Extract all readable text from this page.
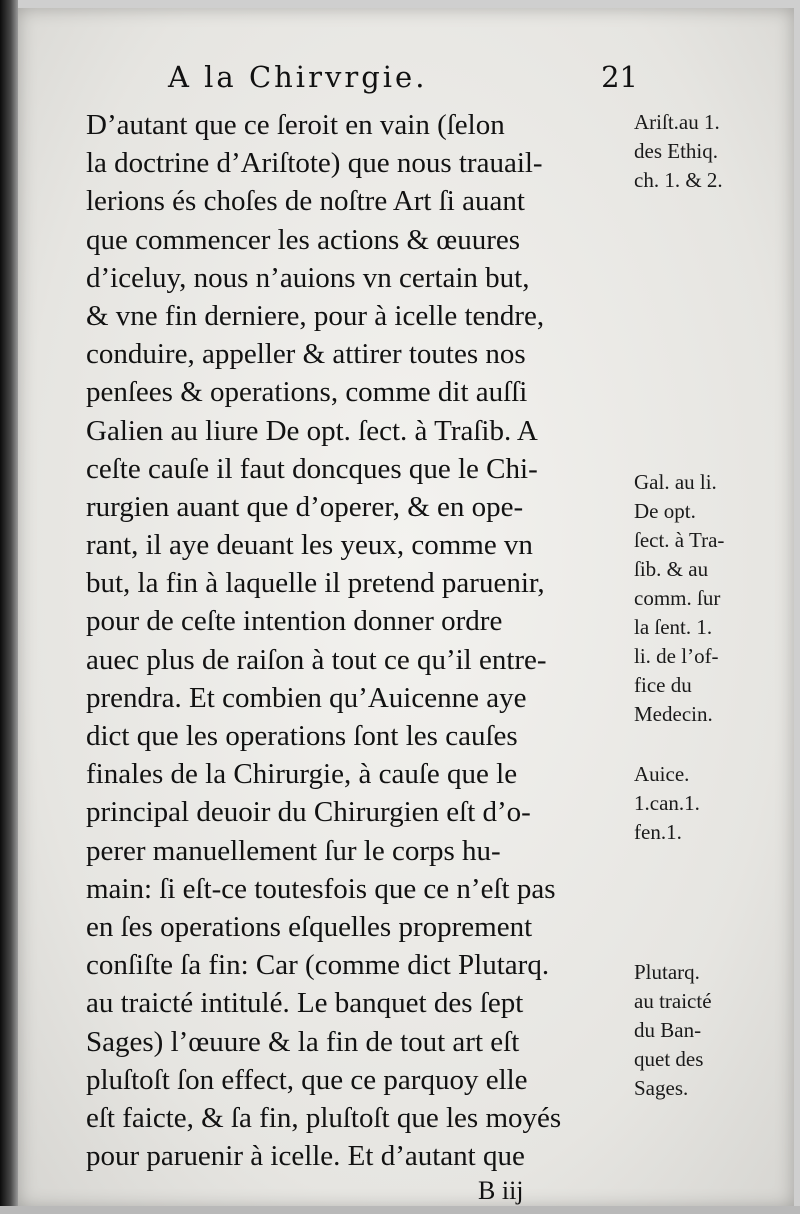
A la Chirvrgie.	21
D’autant que ce ſeroit en vain (ſelon
la doctrine d’Ariſtote) que nous trauail-
lerions és choſes de noſtre Art ſi auant
que commencer les actions & œuures
d’iceluy, nous n’auions vn certain but,
& vne fin derniere, pour à icelle tendre,
conduire, appeller & attirer toutes nos
penſees & operations, comme dit auſſi
Galien au liure De opt. ſect. à Traſib. A
ceſte cauſe il faut doncques que le Chi-
rurgien auant que d’operer, & en ope-
rant, il aye deuant les yeux, comme vn
but, la fin à laquelle il pretend paruenir,
pour de ceſte intention donner ordre
auec plus de raiſon à tout ce qu’il entre-
prendra. Et combien qu’Auicenne aye
dict que les operations ſont les cauſes
finales de la Chirurgie, à cauſe que le
principal deuoir du Chirurgien eſt d’o-
perer manuellement ſur le corps hu-
main: ſi eſt-ce toutesfois que ce n’eſt pas
en ſes operations eſquelles proprement
conſiſte ſa fin: Car (comme dict Plutarq.
au traicté intitulé. Le banquet des ſept
Sages) l’œuure & la fin de tout art eſt
pluſtoſt ſon effect, que ce parquoy elle
eſt faicte, & ſa fin, pluſtoſt que les moyés
pour paruenir à icelle. Et d’autant que
Ariſt.au 1.
des Ethiq.
ch. 1. & 2.
Gal. au li.
De opt.
ſect. à Tra-
ſib. & au
comm. ſur
la ſent. 1.
li. de l’of-
fice du
Medecin.
Auice.
1.can.1.
fen.1.
Plutarq.
au traicté
du Ban-
quet des
Sages.
B iij
